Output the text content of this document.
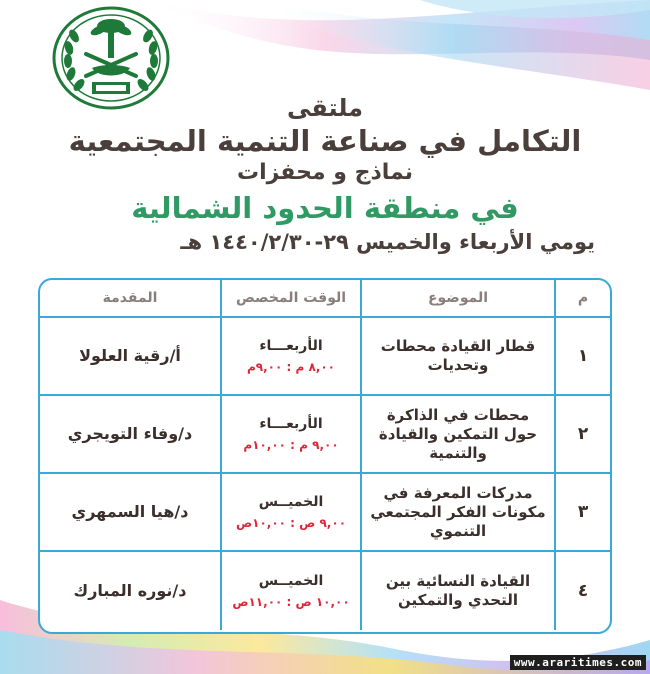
ملتقى
التكامل في صناعة التنمية المجتمعية
نماذج و محفزات
في منطقة الحدود الشمالية
يومي الأربعاء والخميس ٢٩-١٤٤٠/٢/٣٠ هـ
م
الموضوع
الوقت المخصص
المقدمة
١
قطار القيادة محطات وتحديات
الأربعـــاء
٨,٠٠ م : ٩,٠٠م
أ/رقية العلولا
٢
محطات في الذاكرة حول التمكين والقيادة والتنمية
الأربعـــاء
٩,٠٠ م : ١٠,٠٠م
د/وفاء التويجري
٣
مدركات المعرفة في مكونات الفكر المجتمعي التنموي
الخميــس
٩,٠٠ ص : ١٠,٠٠ص
د/هيا السمهري
٤
القيادة النسائية بين التحدي والتمكين
الخميــس
١٠,٠٠ ص : ١١,٠٠ص
د/نوره المبارك
www.araritimes.com
